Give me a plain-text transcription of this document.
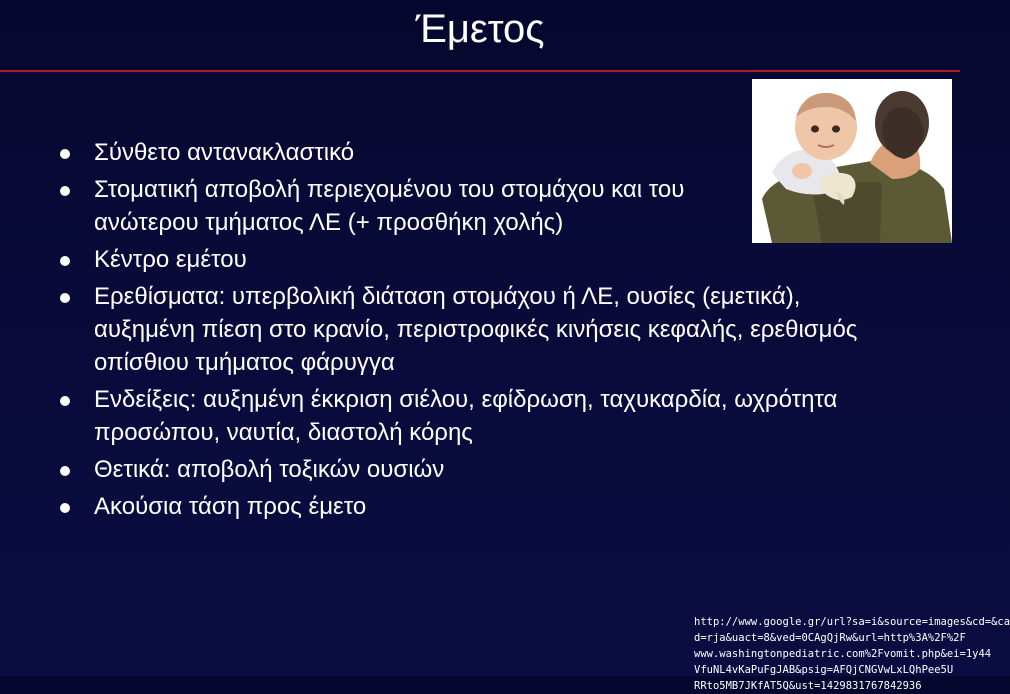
Έμετος
Σύνθετο αντανακλαστικό
Στοματική αποβολή περιεχομένου του στομάχου και του ανώτερου τμήματος ΛΕ (+ προσθήκη χολής)
Κέντρο εμέτου
Ερεθίσματα: υπερβολική διάταση στομάχου ή ΛΕ, ουσίες (εμετικά), αυξημένη πίεση στο κρανίο, περιστροφικές κινήσεις κεφαλής, ερεθισμός οπίσθιου τμήματος φάρυγγα
Ενδείξεις: αυξημένη έκκριση σιέλου, εφίδρωση, ταχυκαρδία, ωχρότητα προσώπου, ναυτία, διαστολή κόρης
Θετικά: αποβολή τοξικών ουσιών
Ακούσια τάση προς έμετο
http://www.google.gr/url?sa=i&source=images&cd=&ca
d=rja&uact=8&ved=0CAgQjRw&url=http%3A%2F%2F
www.washingtonpediatric.com%2Fvomit.php&ei=1y44
VfuNL4vKaPuFgJAB&psig=AFQjCNGVwLxLQhPee5U
RRto5MB7JKfAT5Q&ust=1429831767842936
